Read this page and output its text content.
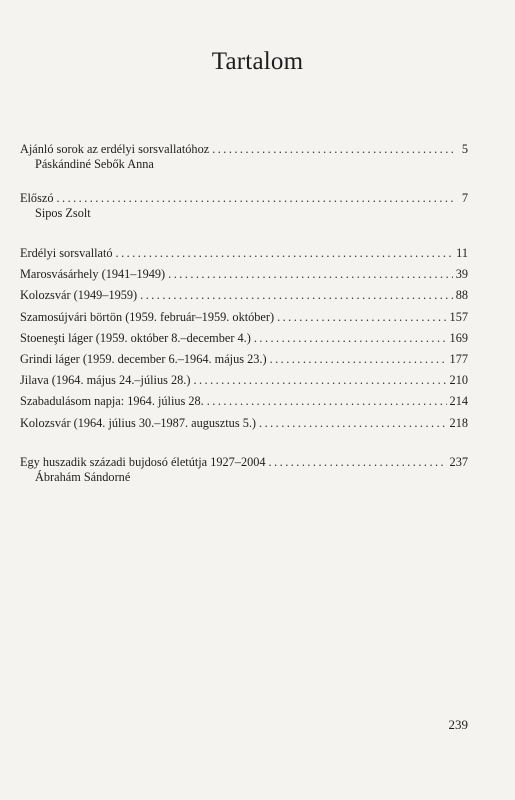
Tartalom
Ajánló sorok az erdélyi sorsvallatóhoz . . .	5
Páskándiné Sebők Anna
Előszó . . .	7
Sipos Zsolt
Erdélyi sorsvallató . . .	11
Marosvásárhely (1941–1949) . . .	39
Kolozsvár (1949–1959) . . .	88
Szamosújvári börtön (1959. február–1959. október) . . .	157
Stoeneşti láger (1959. október 8.–december 4.) . . .	169
Grindi láger (1959. december 6.–1964. május 23.) . . .	177
Jilava (1964. május 24.–július 28.) . . .	210
Szabadulásom napja: 1964. július 28. . . .	214
Kolozsvár (1964. július 30.–1987. augusztus 5.) . . .	218
Egy huszadik századi bujdosó életútja 1927–2004 . . .	237
Ábrahám Sándorné
239
